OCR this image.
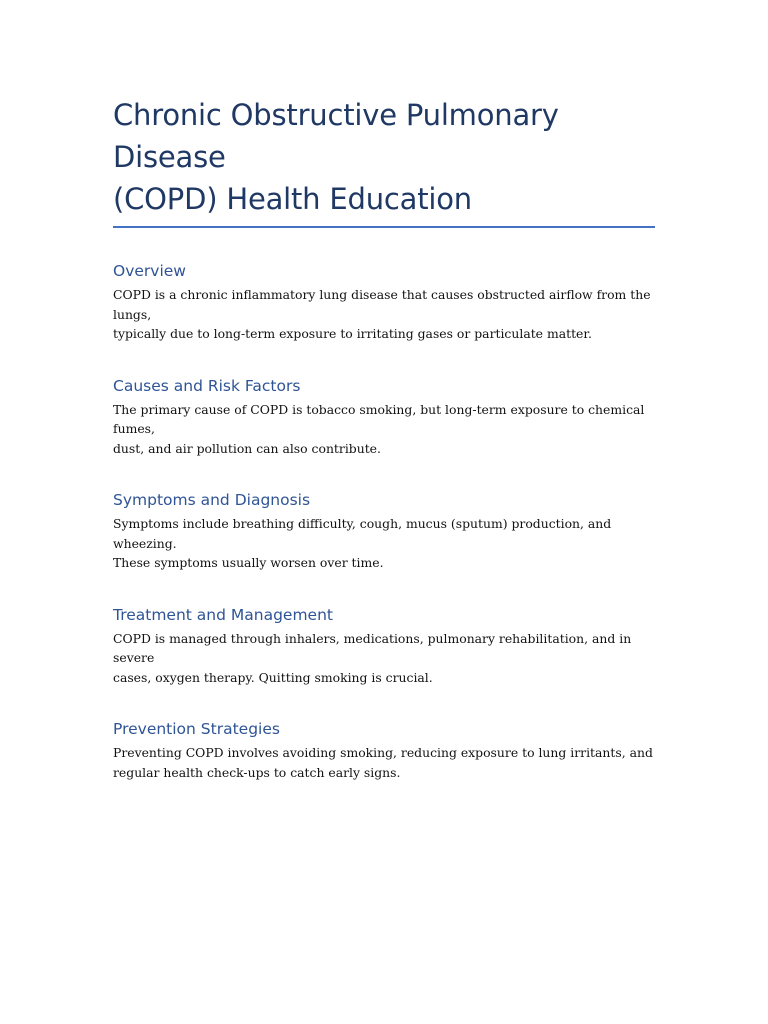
Chronic Obstructive Pulmonary Disease
(COPD) Health Education
Overview

COPD is a chronic inflammatory lung disease that causes obstructed airflow from the lungs,
typically due to long-term exposure to irritating gases or particulate matter.

Causes and Risk Factors

The primary cause of COPD is tobacco smoking, but long-term exposure to chemical fumes,
dust, and air pollution can also contribute.

Symptoms and Diagnosis

Symptoms include breathing difficulty, cough, mucus (sputum) production, and wheezing.
These symptoms usually worsen over time.

Treatment and Management

COPD is managed through inhalers, medications, pulmonary rehabilitation, and in severe
cases, oxygen therapy. Quitting smoking is crucial.

Prevention Strategies

Preventing COPD involves avoiding smoking, reducing exposure to lung irritants, and
regular health check-ups to catch early signs.
